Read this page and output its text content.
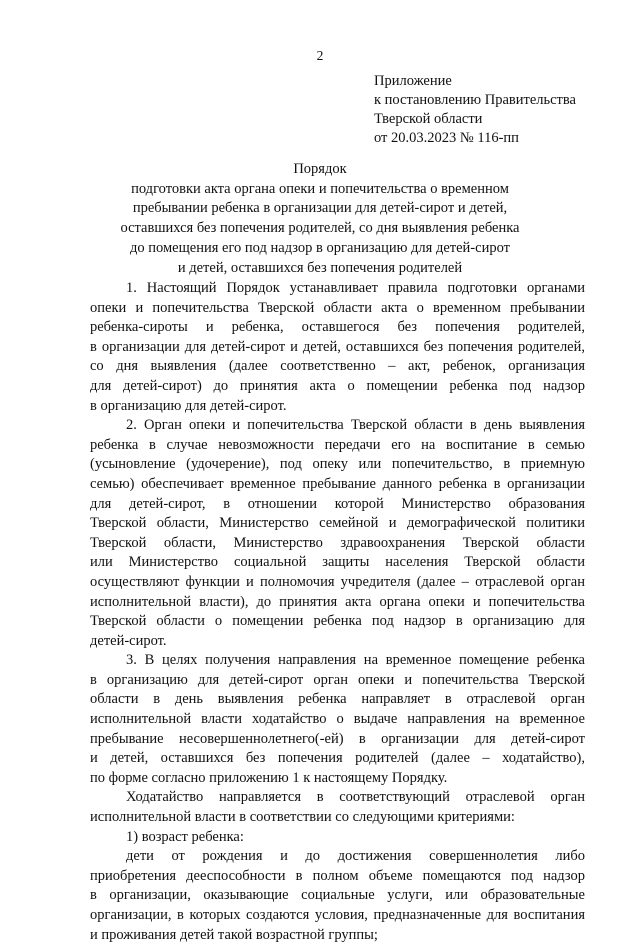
2
Приложение
к постановлению Правительства
Тверской области
от 20.03.2023 № 116-пп
Порядок
подготовки акта органа опеки и попечительства о временном
пребывании ребенка в организации для детей-сирот и детей,
оставшихся без попечения родителей, со дня выявления ребенка
до помещения его под надзор в организацию для детей-сирот
и детей, оставшихся без попечения родителей
1. Настоящий Порядок устанавливает правила подготовки органами
опеки и попечительства Тверской области акта о временном пребывании
ребенка-сироты и ребенка, оставшегося без попечения родителей,
в организации для детей-сирот и детей, оставшихся без попечения родителей,
со дня выявления (далее соответственно – акт, ребенок, организация
для детей-сирот) до принятия акта о помещении ребенка под надзор
в организацию для детей-сирот.
2. Орган опеки и попечительства Тверской области в день выявления
ребенка в случае невозможности передачи его на воспитание в семью
(усыновление (удочерение), под опеку или попечительство, в приемную
семью) обеспечивает временное пребывание данного ребенка в организации
для детей-сирот, в отношении которой Министерство образования
Тверской области, Министерство семейной и демографической политики
Тверской области, Министерство здравоохранения Тверской области
или Министерство социальной защиты населения Тверской области
осуществляют функции и полномочия учредителя (далее – отраслевой орган
исполнительной власти), до принятия акта органа опеки и попечительства
Тверской области о помещении ребенка под надзор в организацию для
детей-сирот.
3. В целях получения направления на временное помещение ребенка
в организацию для детей-сирот орган опеки и попечительства Тверской
области в день выявления ребенка направляет в отраслевой орган
исполнительной власти ходатайство о выдаче направления на временное
пребывание несовершеннолетнего(-ей) в организации для детей-сирот
и детей, оставшихся без попечения родителей (далее – ходатайство),
по форме согласно приложению 1 к настоящему Порядку.
Ходатайство направляется в соответствующий отраслевой орган
исполнительной власти в соответствии со следующими критериями:
1) возраст ребенка:
дети от рождения и до достижения совершеннолетия либо
приобретения дееспособности в полном объеме помещаются под надзор
в организации, оказывающие социальные услуги, или образовательные
организации, в которых создаются условия, предназначенные для воспитания
и проживания детей такой возрастной группы;
